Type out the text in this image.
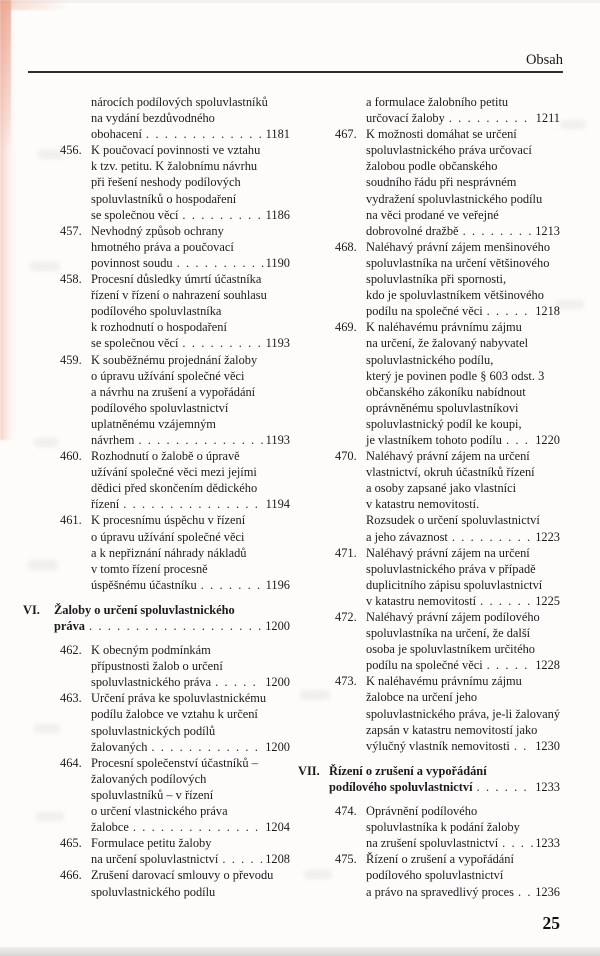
Obsah
nárocích podílových spoluvlastníků
na vydání bezdůvodného
obohacení . . .	1181
456. K poučovací povinnosti ve vztahu
k tzv. petitu. K žalobnímu návrhu
při řešení neshody podílových
spoluvlastníků o hospodaření
se společnou věcí . . .	1186
457. Nevhodný způsob ochrany
hmotného práva a poučovací
povinnost soudu . . .	1190
458. Procesní důsledky úmrtí účastníka
řízení v řízení o nahrazení souhlasu
podílového spoluvlastníka
k rozhodnutí o hospodaření
se společnou věcí . . .	1193
459. K souběžnému projednání žaloby
o úpravu užívání společné věci
a návrhu na zrušení a vypořádání
podílového spoluvlastnictví
uplatněnému vzájemným
návrhem . . .	1193
460. Rozhodnutí o žalobě o úpravě
užívání společné věci mezi jejími
dědici před skončením dědického
řízení . . .	1194
461. K procesnímu úspěchu v řízení
o úpravu užívání společné věci
a k nepřiznání náhrady nákladů
v tomto řízení procesně
úspěšnému účastníku . . .	1196
VI.	Žaloby o určení spoluvlastnického
práva . . .	1200
462. K obecným podmínkám
přípustnosti žalob o určení
spoluvlastnického práva . . .	1200
463. Určení práva ke spoluvlastnickému
podílu žalobce ve vztahu k určení
spoluvlastnických podílů
žalovaných . . .	1200
464. Procesní společenství účastníků –
žalovaných podílových
spoluvlastníků – v řízení
o určení vlastnického práva
žalobce . . .	1204
465. Formulace petitu žaloby
na určení spoluvlastnictví . . .	1208
466. Zrušení darovací smlouvy o převodu
spoluvlastnického podílu
a formulace žalobního petitu
určovací žaloby . . .	1211
467. K možnosti domáhat se určení
spoluvlastnického práva určovací
žalobou podle občanského
soudního řádu při nesprávném
vydražení spoluvlastnického podílu
na věci prodané ve veřejné
dobrovolné dražbě . . .	1213
468. Naléhavý právní zájem menšinového
spoluvlastníka na určení většinového
spoluvlastníka při spornosti,
kdo je spoluvlastníkem většinového
podílu na společné věci . . .	1218
469. K naléhavému právnímu zájmu
na určení, že žalovaný nabyvatel
spoluvlastnického podílu,
který je povinen podle § 603 odst. 3
občanského zákoníku nabídnout
oprávněnému spoluvlastníkovi
spoluvlastnický podíl ke koupi,
je vlastníkem tohoto podílu . . .	1220
470. Naléhavý právní zájem na určení
vlastnictví, okruh účastníků řízení
a osoby zapsané jako vlastníci
v katastru nemovitostí.
Rozsudek o určení spoluvlastnictví
a jeho závaznost . . .	1223
471. Naléhavý právní zájem na určení
spoluvlastnického práva v případě
duplicitního zápisu spoluvlastnictví
v katastru nemovitostí . . .	1225
472. Naléhavý právní zájem podílového
spoluvlastníka na určení, že další
osoba je spoluvlastníkem určitého
podílu na společné věci . . .	1228
473. K naléhavému právnímu zájmu
žalobce na určení jeho
spoluvlastnického práva, je-li žalovaný
zapsán v katastru nemovitostí jako
výlučný vlastník nemovitosti . . . 1230
VII. Řízení o zrušení a vypořádání
podílového spoluvlastnictví . . .	1233
474. Oprávnění podílového
spoluvlastníka k podání žaloby
na zrušení spoluvlastnictví . . .	1233
475. Řízení o zrušení a vypořádání
podílového spoluvlastnictví
a právo na spravedlivý proces . . . 1236
25
